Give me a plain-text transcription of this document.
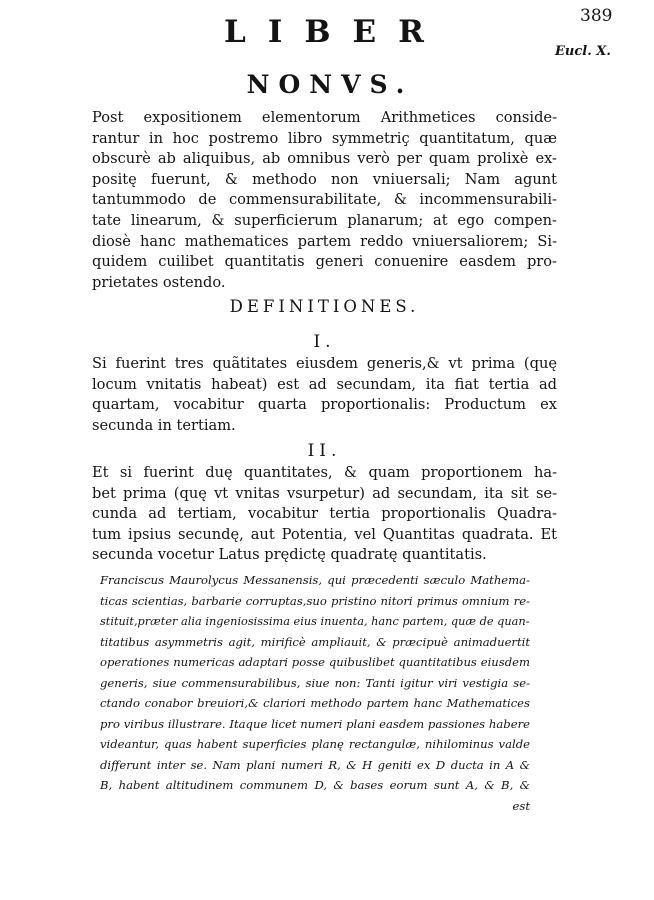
389
LIBER
Eucl. X.
NONVS.
Post expositionem elementorum Arithmetices conside-
rantur in hoc postremo libro symmetriç quantitatum, quæ
obscurè ab aliquibus, ab omnibus verò per quam prolixè ex-
positę fuerunt, & methodo non vniuersali; Nam agunt
tantummodo de commensurabilitate, & incommensurabili-
tate linearum, & superficierum planarum; at ego compen-
diosè hanc mathematices partem reddo vniuersaliorem; Si-
quidem cuilibet quantitatis generi conuenire easdem pro-
prietates ostendo.
DEFINITIONES.
I.
Si fuerint tres quãtitates eiusdem generis,& vt prima (quę
locum vnitatis habeat) est ad secundam, ita fiat tertia ad
quartam, vocabitur quarta proportionalis: Productum ex
secunda in tertiam.
II.
Et si fuerint duę quantitates, & quam proportionem ha-
bet prima (quę vt vnitas vsurpetur) ad secundam, ita sit se-
cunda ad tertiam, vocabitur tertia proportionalis Quadra-
tum ipsius secundę, aut Potentia, vel Quantitas quadrata. Et
secunda vocetur Latus prędictę quadratę quantitatis.
Franciscus Maurolycus Messanensis, qui præcedenti sæculo Mathema-
ticas scientias, barbarie corruptas,suo pristino nitori primus omnium re-
stituit,præter alia ingeniosissima eius inuenta, hanc partem, quæ de quan-
titatibus asymmetris agit, mirificè ampliauit, & præcipuè animaduertit
operationes numericas adaptari posse quibuslibet quantitatibus eiusdem
generis, siue commensurabilibus, siue non: Tanti igitur viri vestigia se-
ctando conabor breuiori,& clariori methodo partem hanc Mathematices
pro viribus illustrare. Itaque licet numeri plani easdem passiones habere
videantur, quas habent superficies planę rectangulæ, nihilominus valde
differunt inter se. Nam plani numeri R, & H geniti ex D ducta in A &
B, habent altitudinem communem D, & bases eorum sunt A, & B, &
est
